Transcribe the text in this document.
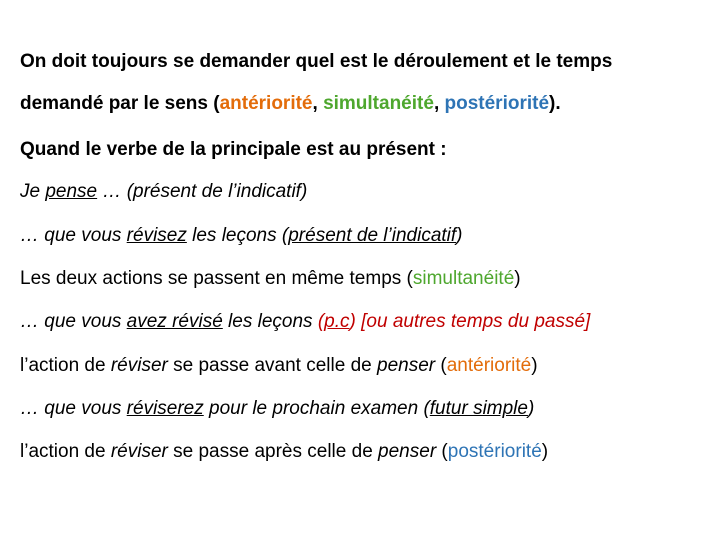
On doit toujours se demander quel est le déroulement et le temps
demandé par le sens (antériorité, simultanéité, postériorité).
Quand le verbe de la principale est au présent :
Je pense … (présent de l’indicatif)
… que vous révisez les leçons (présent de l’indicatif)
Les deux actions se passent en même temps (simultanéité)
… que vous avez révisé les leçons (p.c) [ou autres temps du passé]
l’action de réviser se passe avant celle de penser (antériorité)
… que vous réviserez pour le prochain examen (futur simple)
l’action de réviser se passe après celle de penser (postériorité)
